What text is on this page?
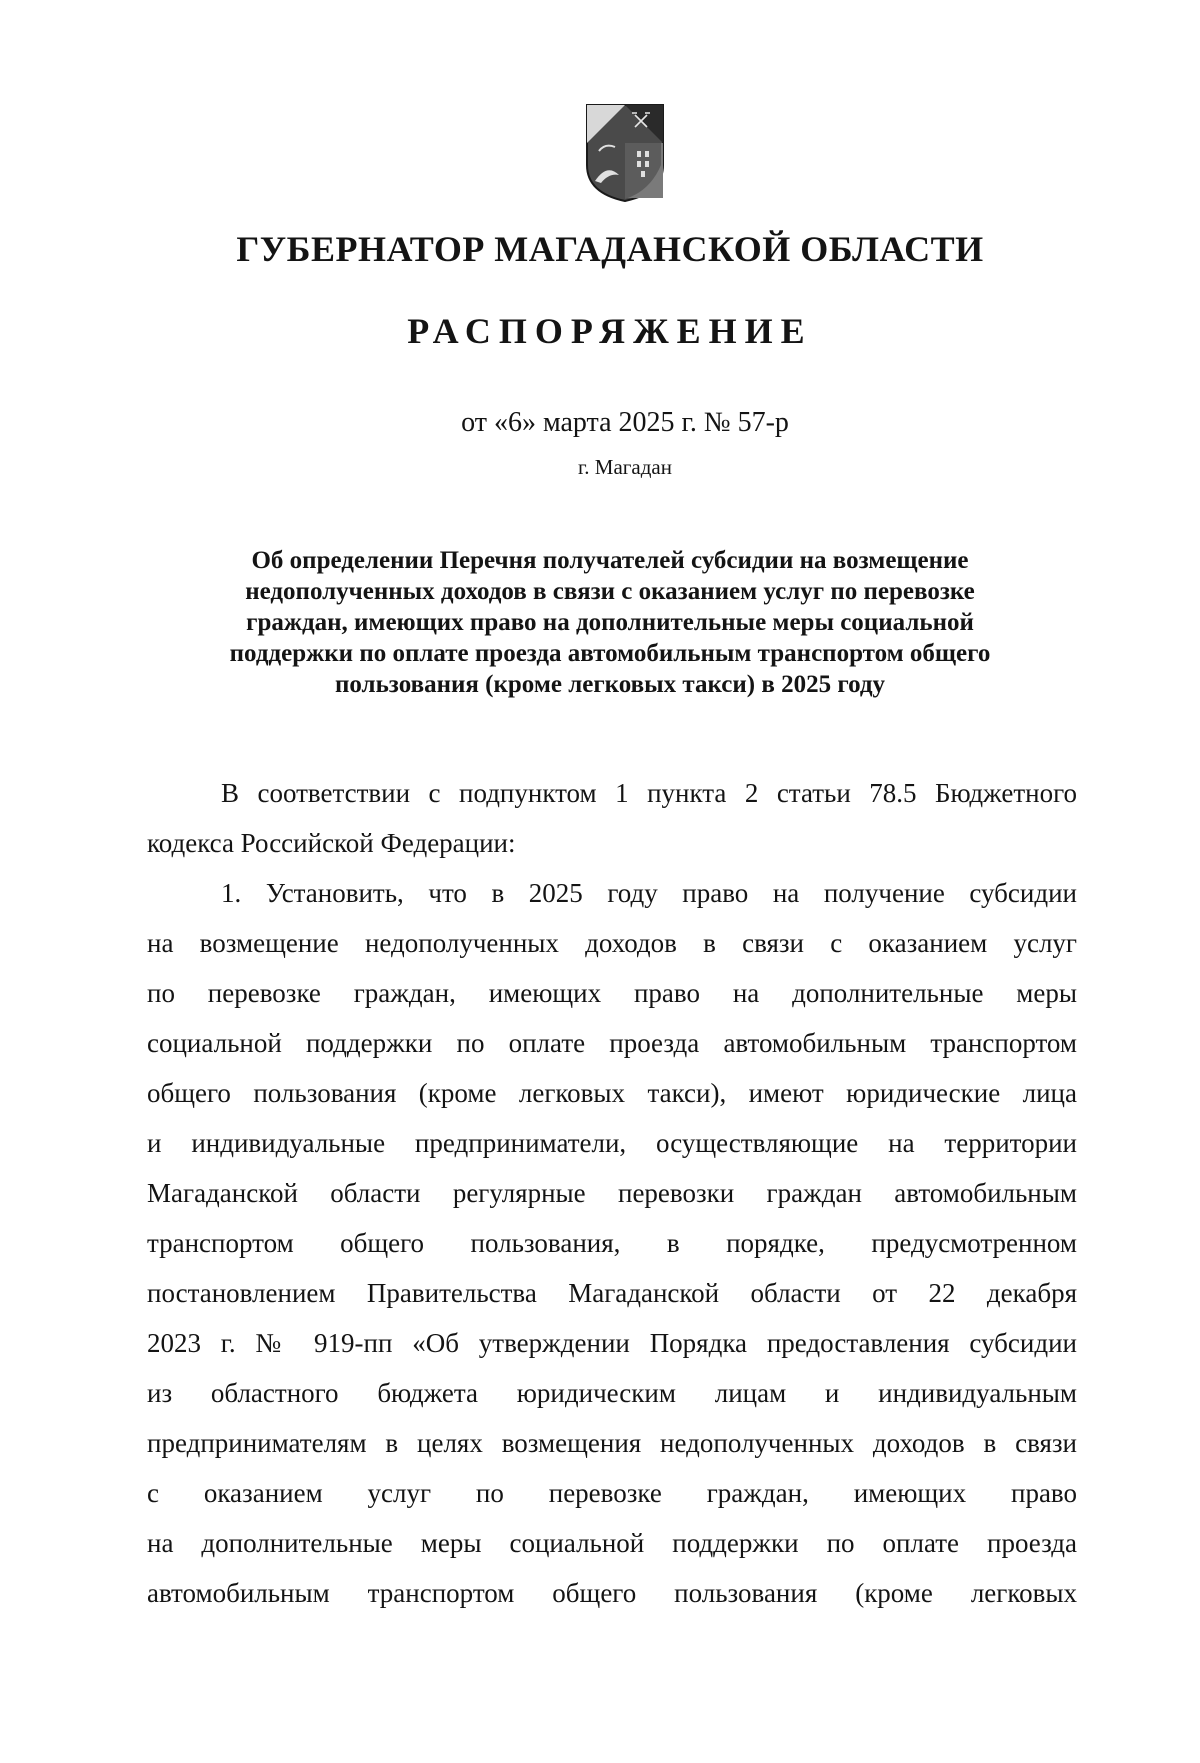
ГУБЕРНАТОР МАГАДАНСКОЙ ОБЛАСТИ
РАСПОРЯЖЕНИЕ
от «6» марта 2025 г. № 57-р
г. Магадан
Об определении Перечня получателей субсидии на возмещение
недополученных доходов в связи с оказанием услуг по перевозке
граждан, имеющих право на дополнительные меры социальной
поддержки по оплате проезда автомобильным транспортом общего
пользования (кроме легковых такси) в 2025 году
В соответствии с подпунктом 1 пункта 2 статьи 78.5 Бюджетного
кодекса Российской Федерации:
1. Установить, что в 2025 году право на получение субсидии
на возмещение недополученных доходов в связи с оказанием услуг
по перевозке граждан, имеющих право на дополнительные меры
социальной поддержки по оплате проезда автомобильным транспортом
общего пользования (кроме легковых такси), имеют юридические лица
и индивидуальные предприниматели, осуществляющие на территории
Магаданской области регулярные перевозки граждан автомобильным
транспортом общего пользования, в порядке, предусмотренном
постановлением Правительства Магаданской области от 22 декабря
2023 г. № 919-пп «Об утверждении Порядка предоставления субсидии
из областного бюджета юридическим лицам и индивидуальным
предпринимателям в целях возмещения недополученных доходов в связи
с оказанием услуг по перевозке граждан, имеющих право
на дополнительные меры социальной поддержки по оплате проезда
автомобильным транспортом общего пользования (кроме легковых
